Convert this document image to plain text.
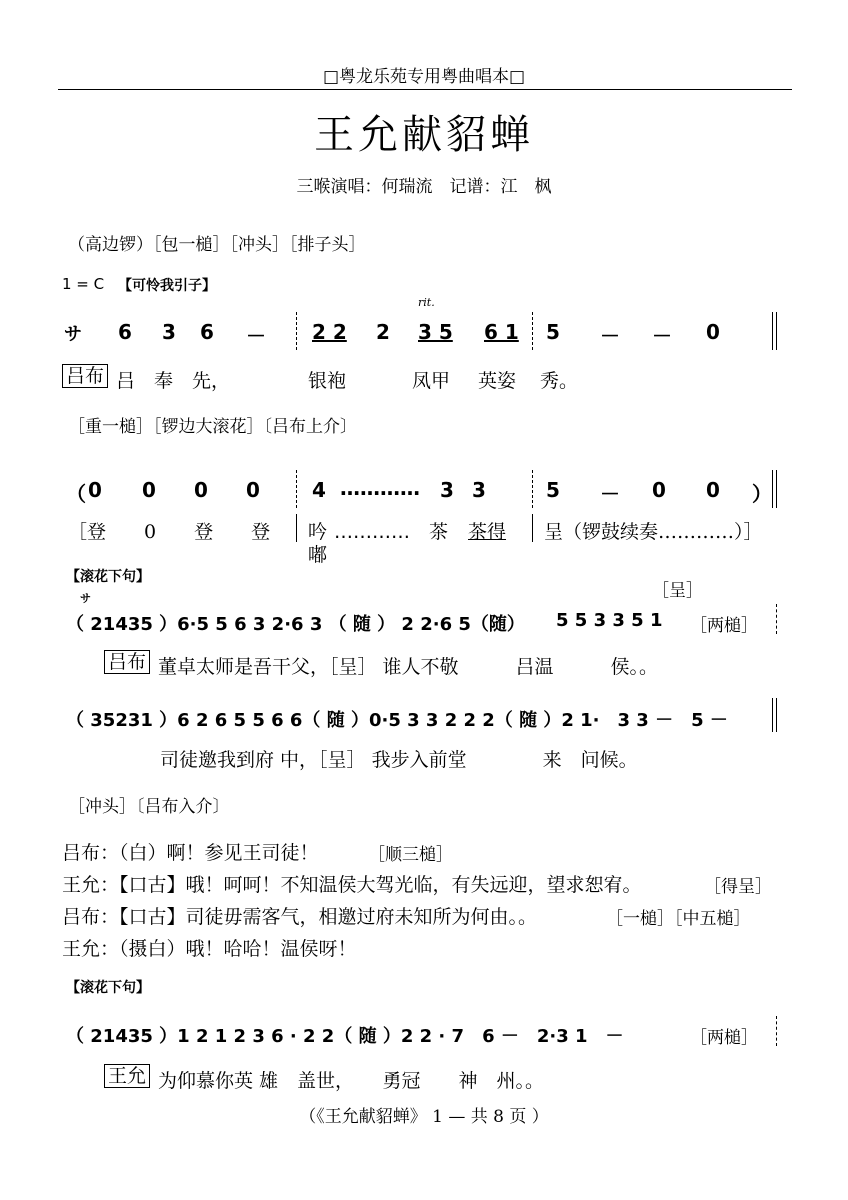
□粤龙乐苑专用粤曲唱本□
王允献貂蝉
三喉演唱：何瑞流　记谱：江　枫
（高边锣）［包一槌］［冲头］［排子头］
1 = C 【可怜我引子】
サ 6 3 6 － 2 2 2
rit.
3 5 6 1 5 － － 0
吕布 吕　奉　先，	银袍	凤甲 英姿 秀。
［重一槌］［锣边大滚花］〔吕布上介〕
（ 0 0 0 0	4 ………… 3 3	5 － 0 0 ）
［登　　0　　登　　登 吟
嘟
…………　茶 茶得 呈（锣鼓续奏…………）］
【滚花下句】
サ
（ 21435 ）6·5 5 6 3 2·6 3 （ 随 ） 2 2·6 5（随） 5 5 3 3 5 1
［呈］
［两槌］
吕布 董卓太师是吾干父，［呈］ 谁人不敬　　　吕温　　　侯。。
（ 35231 ）6 2 6 5 5 6 6（ 随 ）0·5 3 3 2 2 2（ 随 ）2 1·　3 3 －　5 －
司徒邀我到府 中，［呈］ 我步入前堂　　　　来　问候。
［冲头］〔吕布入介〕
吕布：（白）啊！参见王司徒！	［顺三槌］
王允：【口古】哦！呵呵！不知温侯大驾光临，有失远迎，望求恕宥。	［得呈］
吕布：【口古】司徒毋需客气，相邀过府未知所为何由。。	［一槌］［中五槌］
王允：（摄白）哦！哈哈！温侯呀！
【滚花下句】
（ 21435 ）1 2 1 2 3 6 · 2 2（ 随 ）2 2 · 7　6 －　2·3 1　－	［两槌］
王允 为仰慕你英 雄　盖世，　　勇冠　　神　州。。
（《王允献貂蝉》 1 — 共 8 页 ）
